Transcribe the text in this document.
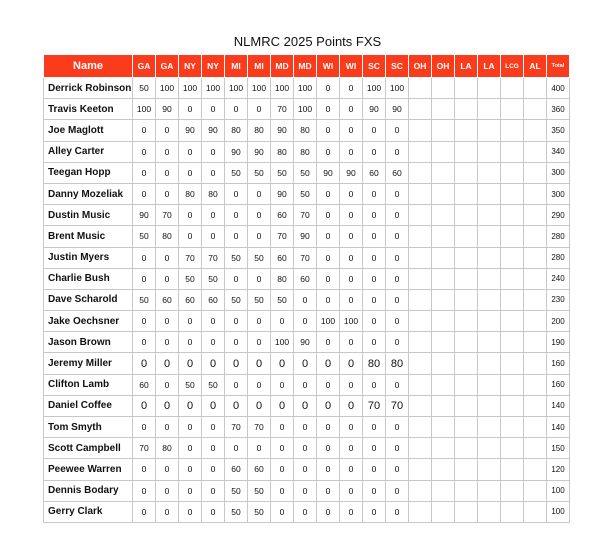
NLMRC 2025 Points FXS
Name	GA	GA	NY	NY	MI	MI	MD	MD	WI	WI	SC	SC	OH	OH	LA	LA	LCG	AL	Total
Derrick Robinson	50	100	100	100	100	100	100	100	0	0	100	100							400
Travis Keeton	100	90	0	0	0	0	70	100	0	0	90	90							360
Joe Maglott	0	0	90	90	80	80	90	80	0	0	0	0							350
Alley Carter	0	0	0	0	90	90	80	80	0	0	0	0							340
Teegan Hopp	0	0	0	0	50	50	50	50	90	90	60	60							300
Danny Mozeliak	0	0	80	80	0	0	90	50	0	0	0	0							300
Dustin Music	90	70	0	0	0	0	60	70	0	0	0	0							290
Brent Music	50	80	0	0	0	0	70	90	0	0	0	0							280
Justin Myers	0	0	70	70	50	50	60	70	0	0	0	0							280
Charlie Bush	0	0	50	50	0	0	80	60	0	0	0	0							240
Dave Scharold	50	60	60	60	50	50	50	0	0	0	0	0							230
Jake Oechsner	0	0	0	0	0	0	0	0	100	100	0	0							200
Jason Brown	0	0	0	0	0	0	100	90	0	0	0	0							190
Jeremy Miller	0	0	0	0	0	0	0	0	0	0	80	80							160
Clifton Lamb	60	0	50	50	0	0	0	0	0	0	0	0							160
Daniel Coffee	0	0	0	0	0	0	0	0	0	0	70	70							140
Tom Smyth	0	0	0	0	70	70	0	0	0	0	0	0							140
Scott Campbell	70	80	0	0	0	0	0	0	0	0	0	0							150
Peewee Warren	0	0	0	0	60	60	0	0	0	0	0	0							120
Dennis Bodary	0	0	0	0	50	50	0	0	0	0	0	0							100
Gerry Clark	0	0	0	0	50	50	0	0	0	0	0	0							100
